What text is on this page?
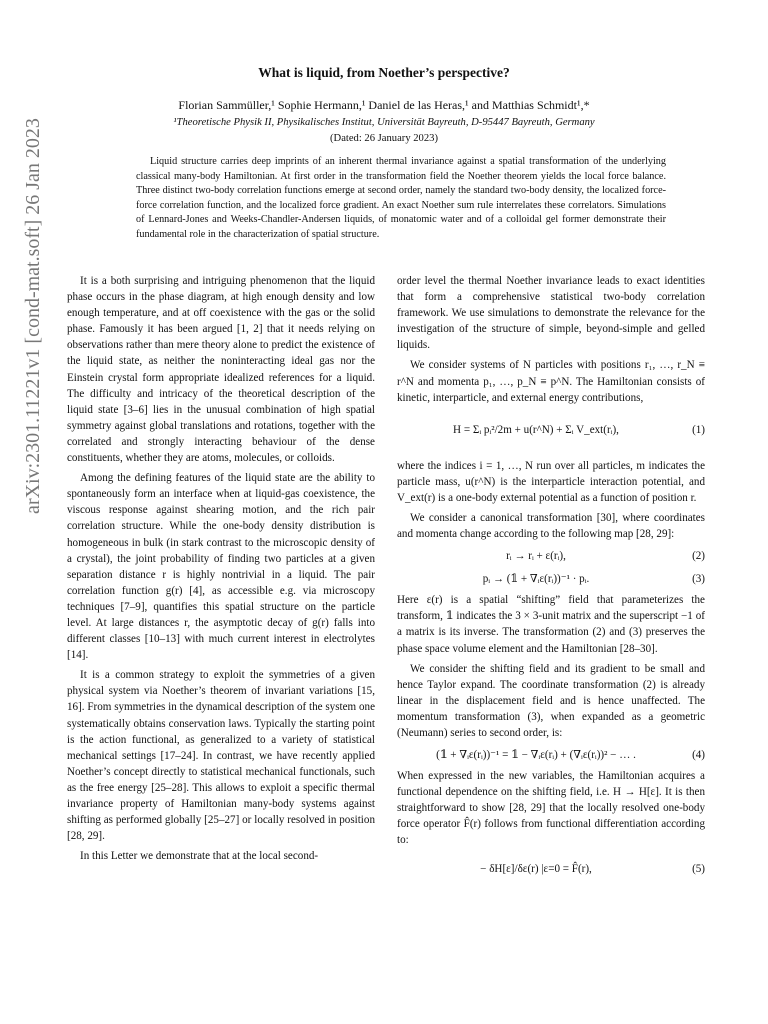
What is liquid, from Noether’s perspective?
Florian Sammüller,¹ Sophie Hermann,¹ Daniel de las Heras,¹ and Matthias Schmidt¹,*
¹Theoretische Physik II, Physikalisches Institut, Universität Bayreuth, D-95447 Bayreuth, Germany
(Dated: 26 January 2023)

Liquid structure carries deep imprints of an inherent thermal invariance against a spatial transformation of the underlying classical many-body Hamiltonian. At first order in the transformation field the Noether theorem yields the local force balance. Three distinct two-body correlation functions emerge at second order, namely the standard two-body density, the localized force-force correlation function, and the localized force gradient. An exact Noether sum rule interrelates these correlators. Simulations of Lennard-Jones and Weeks-Chandler-Andersen liquids, of monatomic water and of a colloidal gel former demonstrate their fundamental role in the characterization of spatial structure.

arXiv:2301.11221v1 [cond-mat.soft] 26 Jan 2023	It is a both surprising and intriguing phenomenon that the liquid phase occurs in the phase diagram, at high enough density and low enough temperature, and at off coexistence with the gas or the solid phase. Famously it has been argued [1, 2] that it needs relying on observations rather than mere theory alone to predict the existence of the liquid state, as neither the noninteracting ideal gas nor the Einstein crystal form appropriate idealized references for a liquid. The difficulty and intricacy of the theoretical description of the liquid state [3–6] lies in the unusual combination of high spatial symmetry against global translations and rotations, together with the correlated and strongly interacting behaviour of the dense constituents, whether they are atoms, molecules, or colloids.

Among the defining features of the liquid state are the ability to spontaneously form an interface when at liquid-gas coexistence, the viscous response against shearing motion, and the rich pair correlation structure. While the one-body density distribution is homogeneous in bulk (in stark contrast to the microscopic density of a crystal), the joint probability of finding two particles at a given separation distance r is highly nontrivial in a liquid. The pair correlation function g(r) [4], as accessible e.g. via microscopy techniques [7–9], quantifies this spatial structure on the particle level. At large distances r, the asymptotic decay of g(r) falls into different classes [10–13] with much current interest in electrolytes [14].

It is a common strategy to exploit the symmetries of a given physical system via Noether’s theorem of invariant variations [15, 16]. From symmetries in the dynamical description of the system one systematically obtains conservation laws. Typically the starting point is the action functional, as generalized to a variety of statistical mechanical settings [17–24]. In contrast, we have recently applied Noether’s concept directly to statistical mechanical functionals, such as the free energy [25–28]. This allows to exploit a specific thermal invariance property of Hamiltonian many-body systems against shifting as performed globally [25–27] or locally resolved in position [28, 29].

In this Letter we demonstrate that at the local second-

order level the thermal Noether invariance leads to exact identities that form a comprehensive statistical two-body correlation framework. We use simulations to demonstrate the relevance for the investigation of the structure of simple, beyond-simple and gelled liquids.

We consider systems of N particles with positions r₁, …, r_N ≡ r^N and momenta p₁, …, p_N ≡ p^N. The Hamiltonian consists of kinetic, interparticle, and external energy contributions,

H = Σᵢ pᵢ²/2m + u(r^N) + Σᵢ V_ext(rᵢ),	(1)

where the indices i = 1, …, N run over all particles, m indicates the particle mass, u(r^N) is the interparticle interaction potential, and V_ext(r) is a one-body external potential as a function of position r.

We consider a canonical transformation [30], where coordinates and momenta change according to the following map [28, 29]:

rᵢ → rᵢ + ε(rᵢ),	(2)
pᵢ → (𝟙 + ∇ᵢε(rᵢ))⁻¹ · pᵢ.	(3)

Here ε(r) is a spatial “shifting” field that parameterizes the transform, 𝟙 indicates the 3 × 3-unit matrix and the superscript −1 of a matrix is its inverse. The transformation (2) and (3) preserves the phase space volume element and the Hamiltonian [28–30].

We consider the shifting field and its gradient to be small and hence Taylor expand. The coordinate transformation (2) is already linear in the displacement field and is hence unaffected. The momentum transformation (3), when expanded as a geometric (Neumann) series to second order, is:

(𝟙 + ∇ᵢε(rᵢ))⁻¹ = 𝟙 − ∇ᵢε(rᵢ) + (∇ᵢε(rᵢ))² − … .	(4)

When expressed in the new variables, the Hamiltonian acquires a functional dependence on the shifting field, i.e. H → H[ε]. It is then straightforward to show [28, 29] that the locally resolved one-body force operator F̂(r) follows from functional differentiation according to:

− δH[ε]/δε(r) |ε=0 = F̂(r),	(5)
